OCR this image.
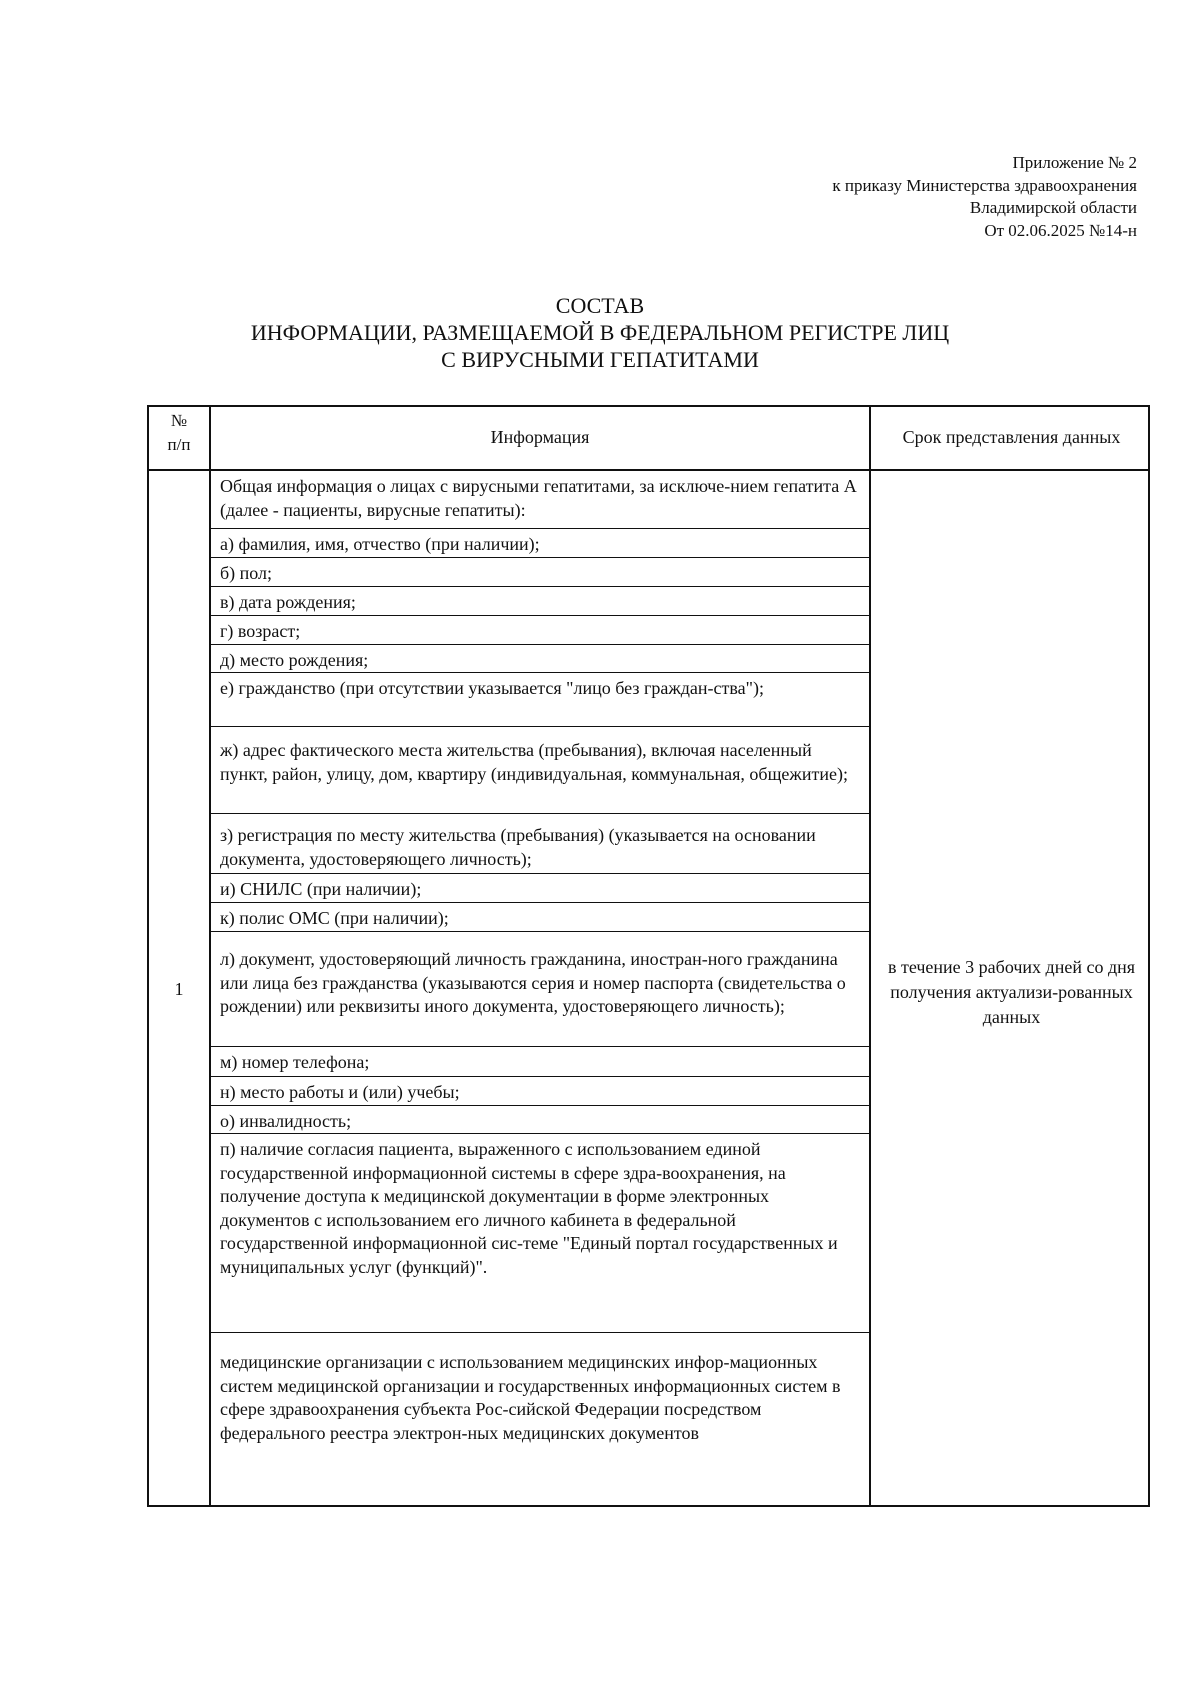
Приложение № 2
к приказу Министерства здравоохранения
Владимирской области
От 02.06.2025 №14-н
СОСТАВ
ИНФОРМАЦИИ, РАЗМЕЩАЕМОЙ В ФЕДЕРАЛЬНОМ РЕГИСТРЕ ЛИЦ
С ВИРУСНЫМИ ГЕПАТИТАМИ
№
п/п	Информация	Срок представления данных
1
в течение 3 рабочих дней со дня получения актуализи-рованных данных
Общая информация о лицах с вирусными гепатитами, за исключе-нием гепатита А (далее - пациенты, вирусные гепатиты):
а) фамилия, имя, отчество (при наличии);
б) пол;
в) дата рождения;
г) возраст;
д) место рождения;
е) гражданство (при отсутствии указывается "лицо без граждан-ства");
ж) адрес фактического места жительства (пребывания), включая населенный пункт, район, улицу, дом, квартиру (индивидуальная, коммунальная, общежитие);
з) регистрация по месту жительства (пребывания) (указывается на основании документа, удостоверяющего личность);
и) СНИЛС (при наличии);
к) полис ОМС (при наличии);
л) документ, удостоверяющий личность гражданина, иностран-ного гражданина или лица без гражданства (указываются серия и номер паспорта (свидетельства о рождении) или реквизиты иного документа, удостоверяющего личность);
м) номер телефона;
н) место работы и (или) учебы;
о) инвалидность;
п) наличие согласия пациента, выраженного с использованием единой государственной информационной системы в сфере здра-воохранения, на получение доступа к медицинской документации в форме электронных документов с использованием его личного кабинета в федеральной государственной информационной сис-теме "Единый портал государственных и муниципальных услуг (функций)".
медицинские организации с использованием медицинских инфор-мационных систем медицинской организации и государственных информационных систем в сфере здравоохранения субъекта Рос-сийской Федерации посредством федерального реестра электрон-ных медицинских документов
